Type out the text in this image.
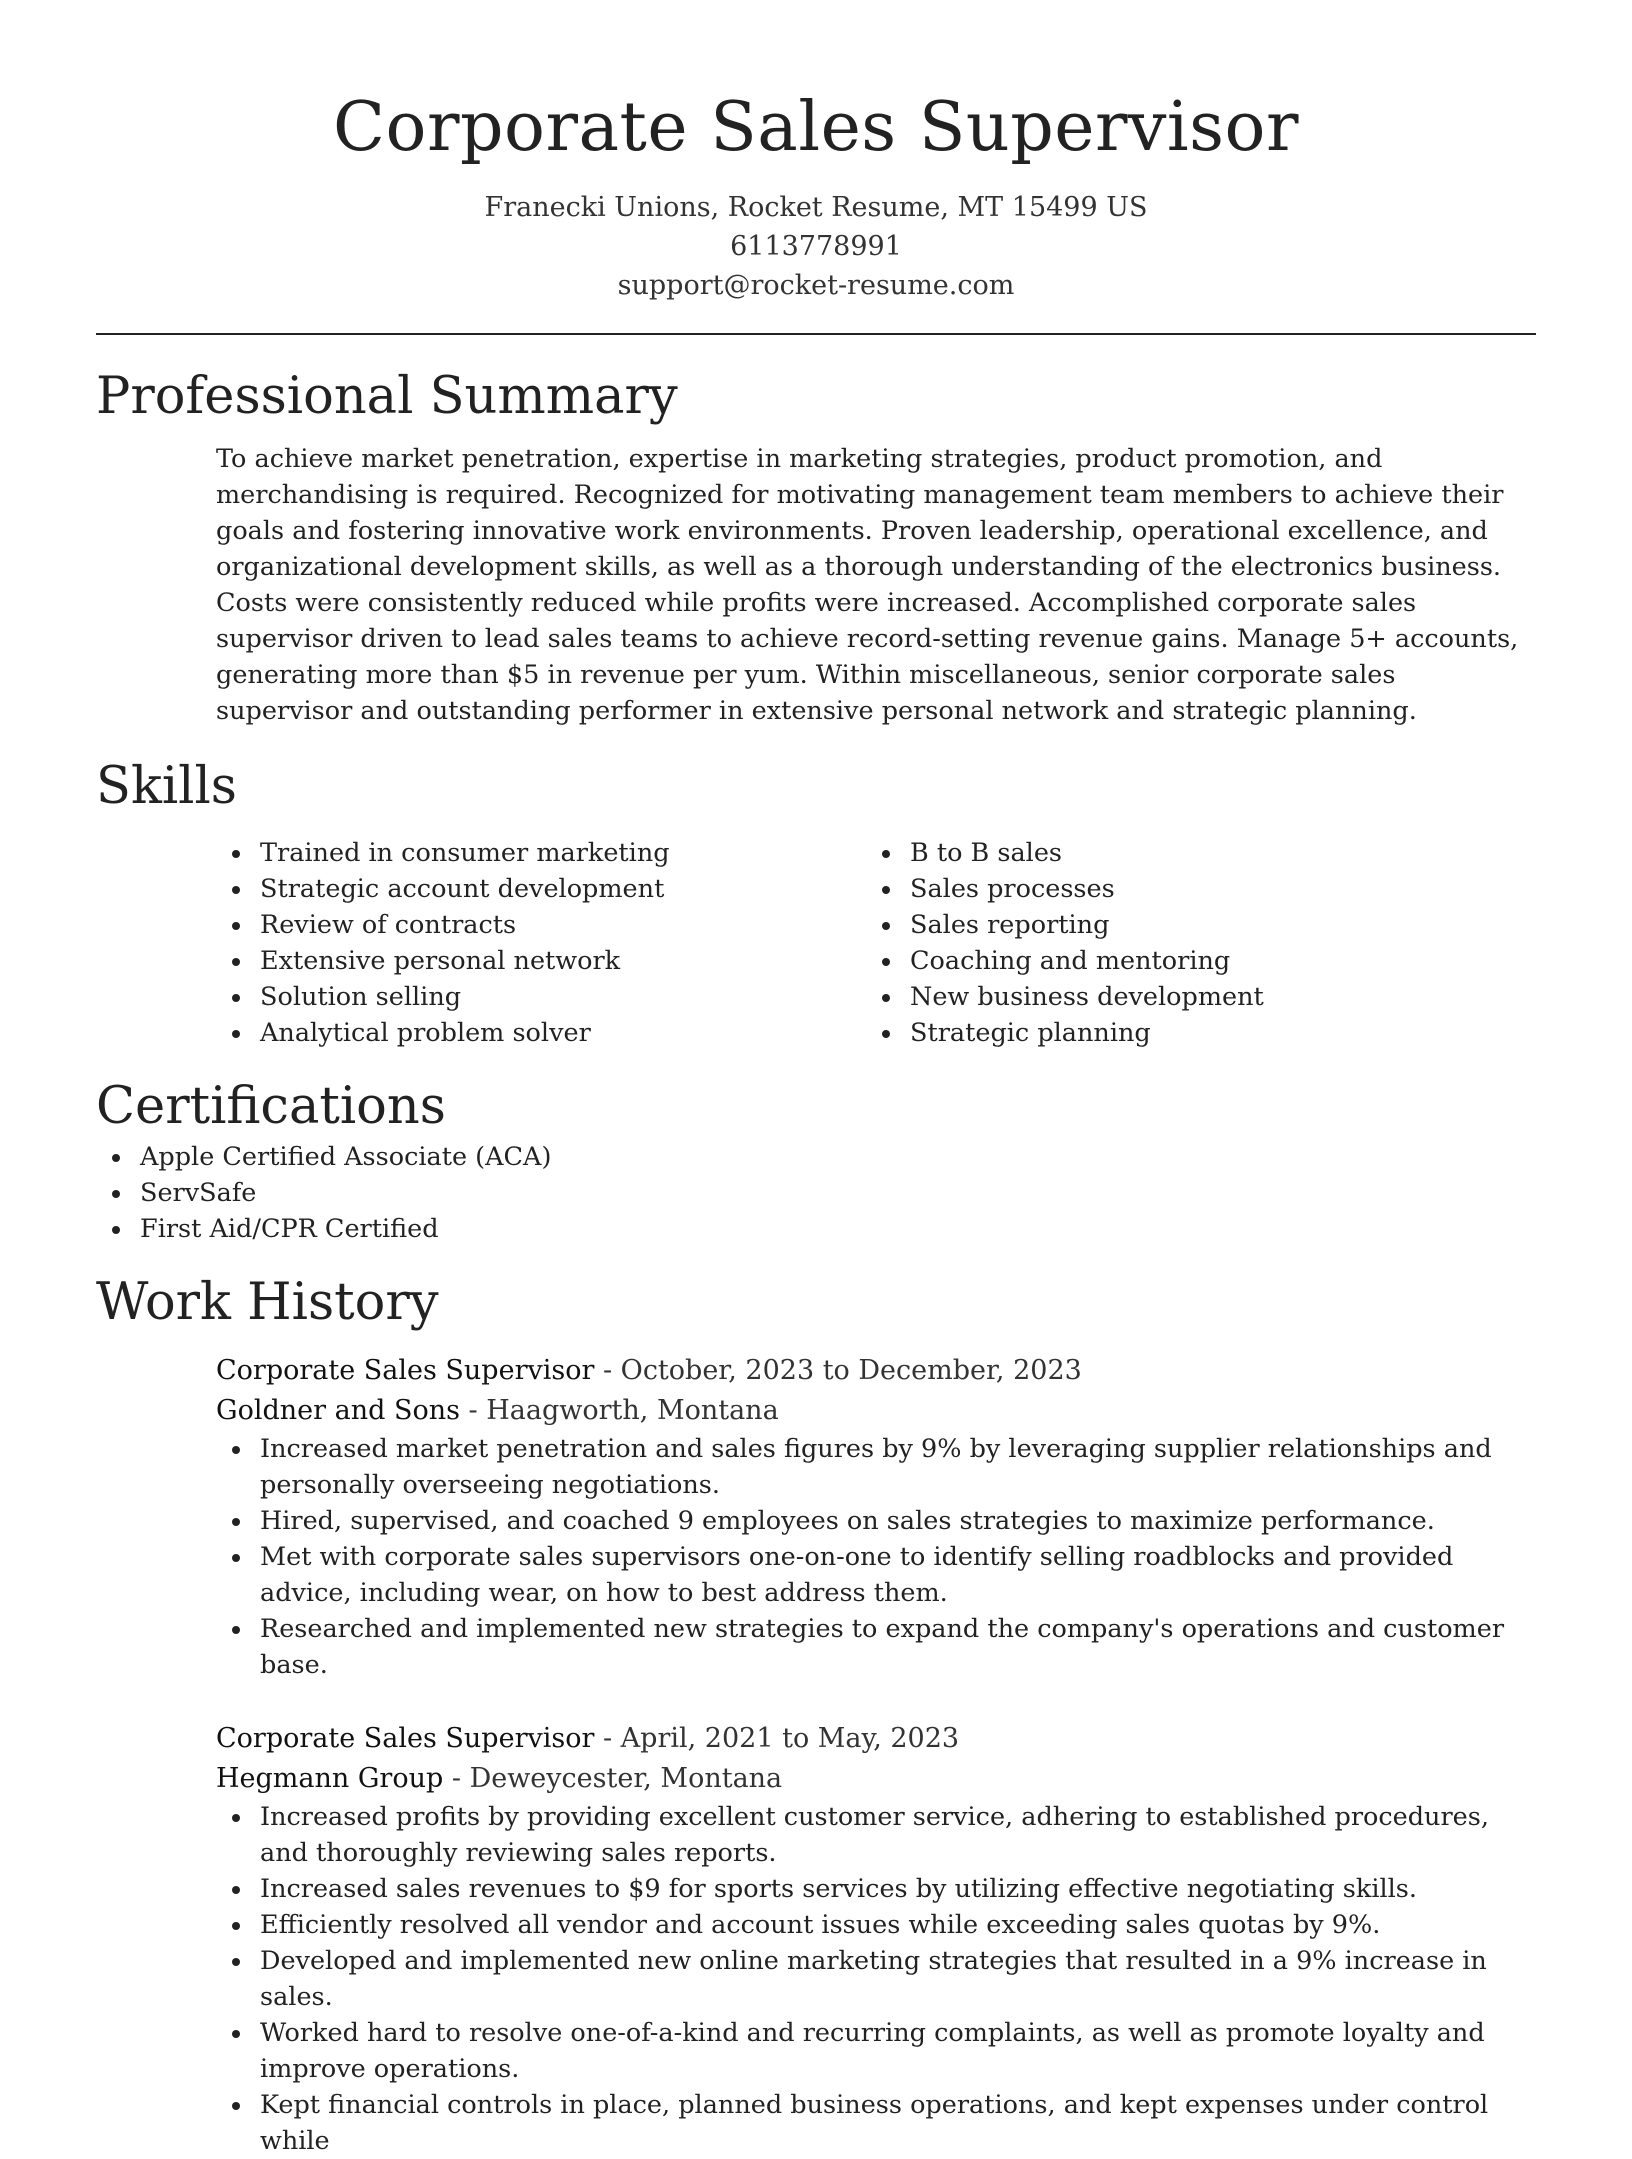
Corporate Sales Supervisor
Franecki Unions, Rocket Resume, MT 15499 US
6113778991
support@rocket-resume.com
Professional Summary
To achieve market penetration, expertise in marketing strategies, product promotion, and merchandising is required. Recognized for motivating management team members to achieve their goals and fostering innovative work environments. Proven leadership, operational excellence, and organizational development skills, as well as a thorough understanding of the electronics business. Costs were consistently reduced while profits were increased. Accomplished corporate sales supervisor driven to lead sales teams to achieve record-setting revenue gains. Manage 5+ accounts, generating more than $5 in revenue per yum. Within miscellaneous, senior corporate sales supervisor and outstanding performer in extensive personal network and strategic planning.
Skills
Trained in consumer marketing
Strategic account development
Review of contracts
Extensive personal network
Solution selling
Analytical problem solver
B to B sales
Sales processes
Sales reporting
Coaching and mentoring
New business development
Strategic planning
Certifications
Apple Certified Associate (ACA)
ServSafe
First Aid/CPR Certified
Work History
Corporate Sales Supervisor - October, 2023 to December, 2023
Goldner and Sons - Haagworth, Montana
Increased market penetration and sales figures by 9% by leveraging supplier relationships and personally overseeing negotiations.
Hired, supervised, and coached 9 employees on sales strategies to maximize performance.
Met with corporate sales supervisors one-on-one to identify selling roadblocks and provided advice, including wear, on how to best address them.
Researched and implemented new strategies to expand the company's operations and customer base.
Corporate Sales Supervisor - April, 2021 to May, 2023
Hegmann Group - Deweycester, Montana
Increased profits by providing excellent customer service, adhering to established procedures, and thoroughly reviewing sales reports.
Increased sales revenues to $9 for sports services by utilizing effective negotiating skills.
Efficiently resolved all vendor and account issues while exceeding sales quotas by 9%.
Developed and implemented new online marketing strategies that resulted in a 9% increase in sales.
Worked hard to resolve one-of-a-kind and recurring complaints, as well as promote loyalty and improve operations.
Kept financial controls in place, planned business operations, and kept expenses under control while
